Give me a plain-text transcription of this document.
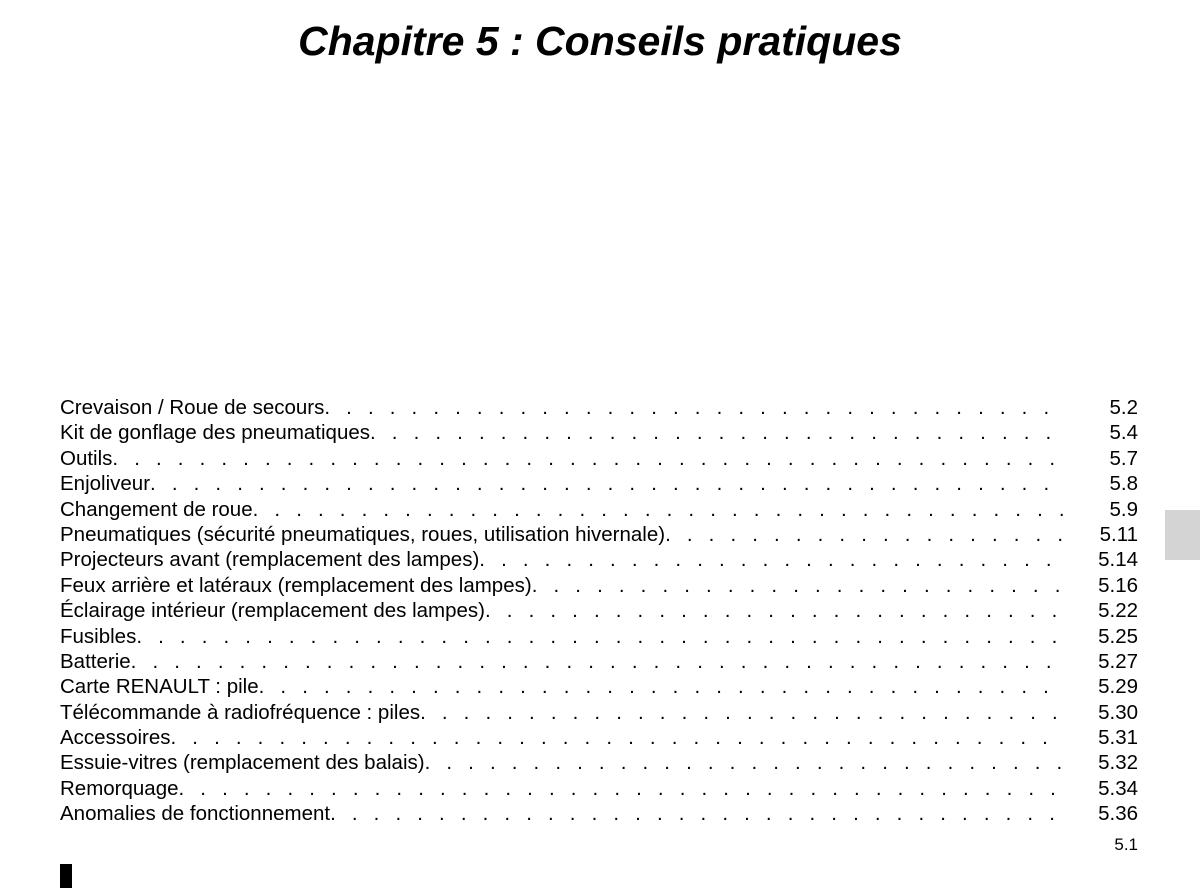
Chapitre 5 : Conseils pratiques
Crevaison / Roue de secours . . .	5.2
Kit de gonflage des pneumatiques . . .	5.4
Outils . . .	5.7
Enjoliveur . . .	5.8
Changement de roue . . .	5.9
Pneumatiques (sécurité pneumatiques, roues, utilisation hivernale) . . .	5.11
Projecteurs avant (remplacement des lampes) . . .	5.14
Feux arrière et latéraux (remplacement des lampes) . . .	5.16
Éclairage intérieur (remplacement des lampes) . . .	5.22
Fusibles . . .	5.25
Batterie . . .	5.27
Carte RENAULT : pile . . .	5.29
Télécommande à radiofréquence : piles . . .	5.30
Accessoires . . .	5.31
Essuie-vitres (remplacement des balais) . . .	5.32
Remorquage . . .	5.34
Anomalies de fonctionnement . . .	5.36
5.1
